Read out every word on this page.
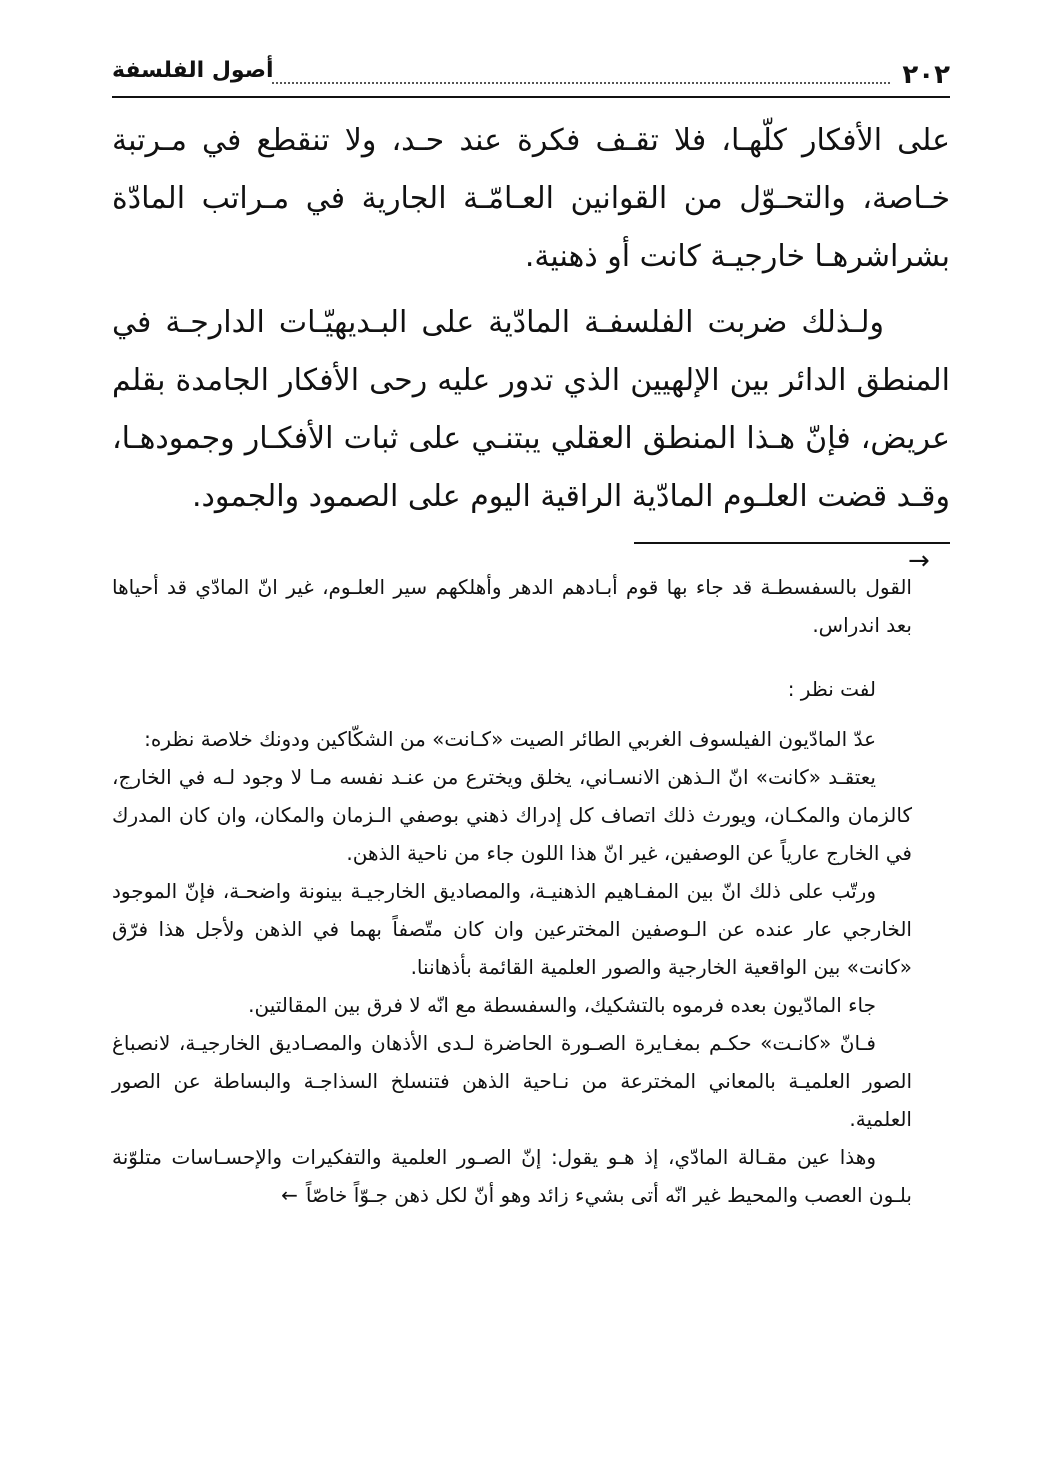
٢٠٢
أصول الفلسفة

على الأفكار كلّهـا، فلا تقـف فكرة عند حـد، ولا تنقطع في مـرتبة خـاصة، والتحـوّل من القوانين العـامّـة الجارية في مـراتب المادّة بشراشرهـا خارجيـة كانت أو ذهنية.

ولـذلك ضربت الفلسفـة المادّية على البـديهيّـات الدارجـة في المنطق الدائر بين الإلهيين الذي تدور عليه رحى الأفكار الجامدة بقلم عريض، فإنّ هـذا المنطق العقلي يبتنـي على ثبات الأفكـار وجمودهـا، وقـد قضت العلـوم المادّية الراقية اليوم على الصمود والجمود.

→

القول بالسفسطـة قد جاء بها قوم أبـادهم الدهر وأهلكهم سير العلـوم، غير انّ المادّي قد أحياها بعد اندراس.

لفت نظر :

عدّ المادّيون الفيلسوف الغربي الطائر الصيت «كـانت» من الشكّاكين ودونك خلاصة نظره:

يعتقـد «كانت» انّ الـذهن الانسـاني، يخلق ويخترع من عنـد نفسه مـا لا وجود لـه في الخارج، كالزمان والمكـان، ويورث ذلك اتصاف كل إدراك ذهني بوصفي الـزمان والمكان، وان كان المدرك في الخارج عارياً عن الوصفين، غير انّ هذا اللون جاء من ناحية الذهن.

ورتّب على ذلك انّ بين المفـاهيم الذهنيـة، والمصاديق الخارجيـة بينونة واضحـة، فإنّ الموجود الخارجي عار عنده عن الـوصفين المخترعين وان كان متّصفاً بهما في الذهن ولأجل هذا فرّق «كانت» بين الواقعية الخارجية والصور العلمية القائمة بأذهاننا.

جاء المادّيون بعده فرموه بالتشكيك، والسفسطة مع انّه لا فرق بين المقالتين.

فـانّ «كانـت» حكـم بمغـايرة الصـورة الحاضرة لـدى الأذهان والمصـاديق الخارجيـة، لانصباغ الصور العلميـة بالمعاني المخترعة من نـاحية الذهن فتنسلخ السذاجـة والبساطة عن الصور العلمية.

وهذا عين مقـالة المادّي، إذ هـو يقول: إنّ الصـور العلمية والتفكيرات والإحسـاسات متلوّنة بلـون العصب والمحيط غير انّه أتى بشيء زائد وهو أنّ لكل ذهن جـوّاً خاصّاً←
